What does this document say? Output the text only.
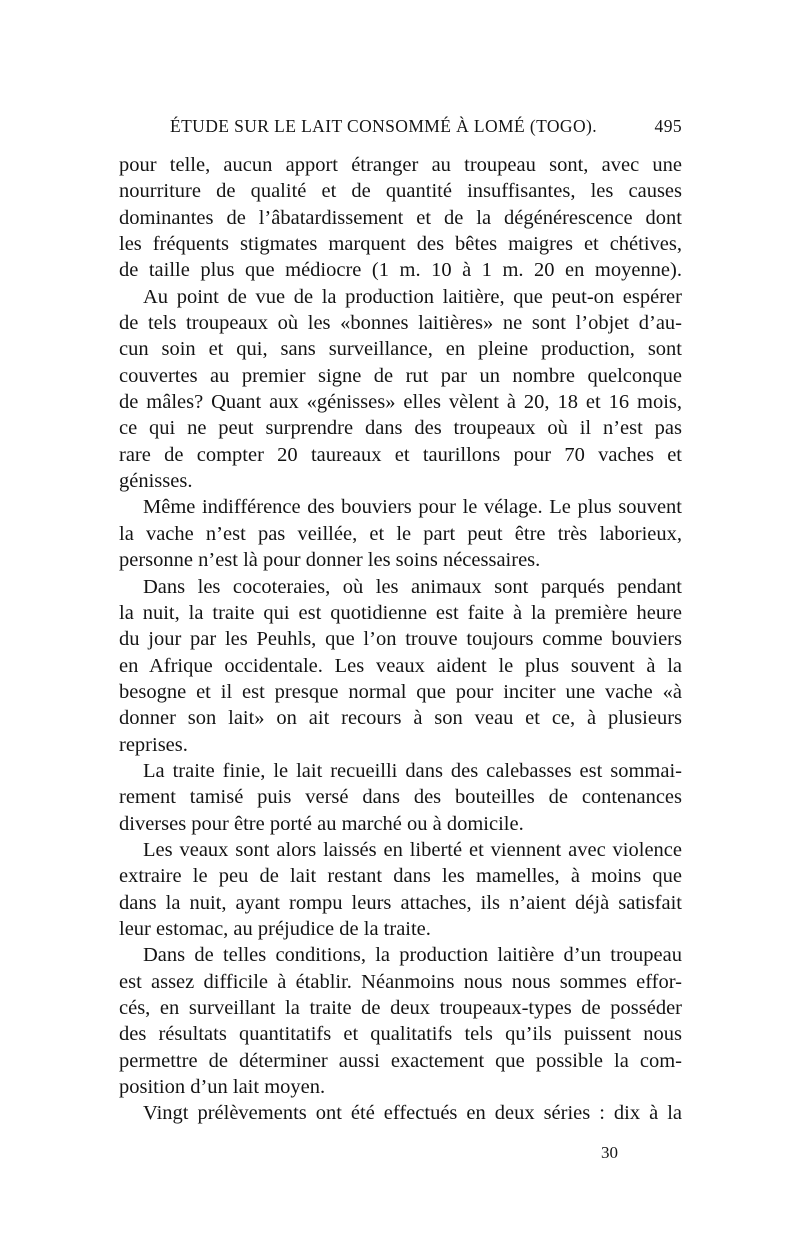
ÉTUDE SUR LE LAIT CONSOMMÉ À LOMÉ (TOGO).	495
pour telle, aucun apport étranger au troupeau sont, avec une
nourriture de qualité et de quantité insuffisantes, les causes
dominantes de l’âbatardissement et de la dégénérescence dont
les fréquents stigmates marquent des bêtes maigres et chétives,
de taille plus que médiocre (1 m. 10 à 1 m. 20 en moyenne).
Au point de vue de la production laitière, que peut-on espérer
de tels troupeaux où les «bonnes laitières» ne sont l’objet d’au-
cun soin et qui, sans surveillance, en pleine production, sont
couvertes au premier signe de rut par un nombre quelconque
de mâles? Quant aux «génisses» elles vèlent à 20, 18 et 16 mois,
ce qui ne peut surprendre dans des troupeaux où il n’est pas
rare de compter 20 taureaux et taurillons pour 70 vaches et
génisses.
Même indifférence des bouviers pour le vélage. Le plus souvent
la vache n’est pas veillée, et le part peut être très laborieux,
personne n’est là pour donner les soins nécessaires.
Dans les cocoteraies, où les animaux sont parqués pendant
la nuit, la traite qui est quotidienne est faite à la première heure
du jour par les Peuhls, que l’on trouve toujours comme bouviers
en Afrique occidentale. Les veaux aident le plus souvent à la
besogne et il est presque normal que pour inciter une vache «à
donner son lait» on ait recours à son veau et ce, à plusieurs
reprises.
La traite finie, le lait recueilli dans des calebasses est sommai-
rement tamisé puis versé dans des bouteilles de contenances
diverses pour être porté au marché ou à domicile.
Les veaux sont alors laissés en liberté et viennent avec violence
extraire le peu de lait restant dans les mamelles, à moins que
dans la nuit, ayant rompu leurs attaches, ils n’aient déjà satisfait
leur estomac, au préjudice de la traite.
Dans de telles conditions, la production laitière d’un troupeau
est assez difficile à établir. Néanmoins nous nous sommes effor-
cés, en surveillant la traite de deux troupeaux-types de posséder
des résultats quantitatifs et qualitatifs tels qu’ils puissent nous
permettre de déterminer aussi exactement que possible la com-
position d’un lait moyen.
Vingt prélèvements ont été effectués en deux séries : dix à la
30
